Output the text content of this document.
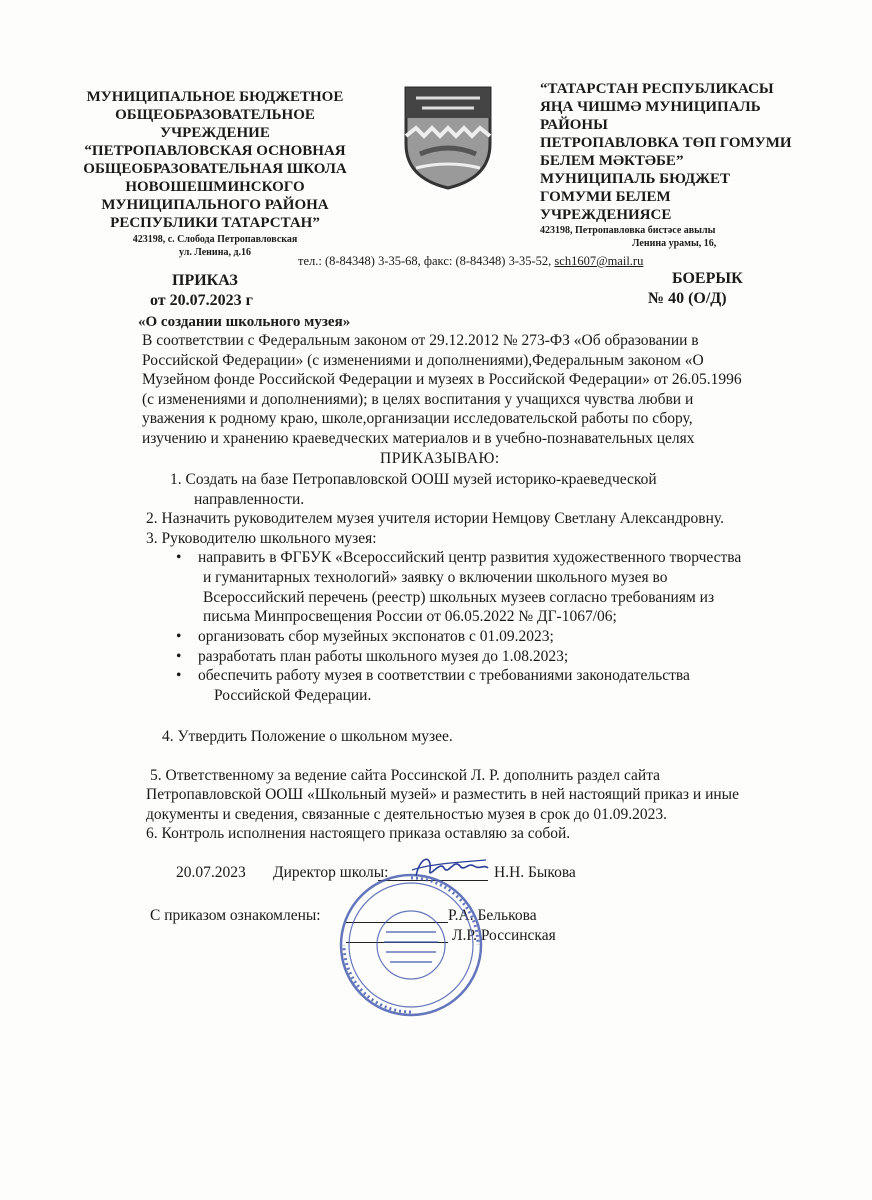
МУНИЦИПАЛЬНОЕ БЮДЖЕТНОЕ
ОБЩЕОБРАЗОВАТЕЛЬНОЕ
УЧРЕЖДЕНИЕ
“ПЕТРОПАВЛОВСКАЯ ОСНОВНАЯ
ОБЩЕОБРАЗОВАТЕЛЬНАЯ ШКОЛА
НОВОШЕШМИНСКОГО
МУНИЦИПАЛЬНОГО РАЙОНА
РЕСПУБЛИКИ ТАТАРСТАН”
423198, с. Слобода Петропавловская
ул. Ленина, д.16
“ТАТАРСТАН РЕСПУБЛИКАСЫ
ЯҢА ЧИШМӘ МУНИЦИПАЛЬ
РАЙОНЫ
ПЕТРОПАВЛОВКА ТӨП ГОМУМИ
БЕЛЕМ МӘКТӘБЕ”
МУНИЦИПАЛЬ БЮДЖЕТ
ГОМУМИ БЕЛЕМ
УЧРЕЖДЕНИЯСЕ
423198, Петропавловка бистәсе авылы
Ленина урамы, 16,
тел.: (8-84348) 3-35-68, факс: (8-84348) 3-35-52, sch1607@mail.ru
ПРИКАЗ
от 20.07.2023 г
БОЕРЫК
№ 40 (О/Д)
«О создании школьного музея»
В соответствии с Федеральным законом от 29.12.2012 № 273-ФЗ «Об образовании в
Российской Федерации» (с изменениями и дополнениями),Федеральным законом «О
Музейном фонде Российской Федерации и музеях в Российской Федерации» от 26.05.1996
(с изменениями и дополнениями); в целях воспитания у учащихся чувства любви и
уважения к родному краю, школе,организации исследовательской работы по сбору,
изучению и хранению краеведческих материалов и в учебно-познавательных целях
ПРИКАЗЫВАЮ:
1. Создать на базе Петропавловской ООШ музей историко-краеведческой
направленности.
2. Назначить руководителем музея учителя истории Немцову Светлану Александровну.
3. Руководителю школьного музея:
• направить в ФГБУК «Всероссийский центр развития художественного творчества
и гуманитарных технологий» заявку о включении школьного музея во
Всероссийский перечень (реестр) школьных музеев согласно требованиям из
письма Минпросвещения России от 06.05.2022 № ДГ-1067/06;
• организовать сбор музейных экспонатов с 01.09.2023;
• разработать план работы школьного музея до 1.08.2023;
• обеспечить работу музея в соответствии с требованиями законодательства
Российской Федерации.
4. Утвердить Положение о школьном музее.
5. Ответственному за ведение сайта Россинской Л. Р. дополнить раздел сайта
Петропавловской ООШ «Школьный музей» и разместить в ней настоящий приказ и иные
документы и сведения, связанные с деятельностью музея в срок до 01.09.2023.
6. Контроль исполнения настоящего приказа оставляю за собой.
20.07.2023 Директор школы:	Н.Н. Быкова
С приказом ознакомлены:	Р.А. Белькова
Л.Р. Россинская
